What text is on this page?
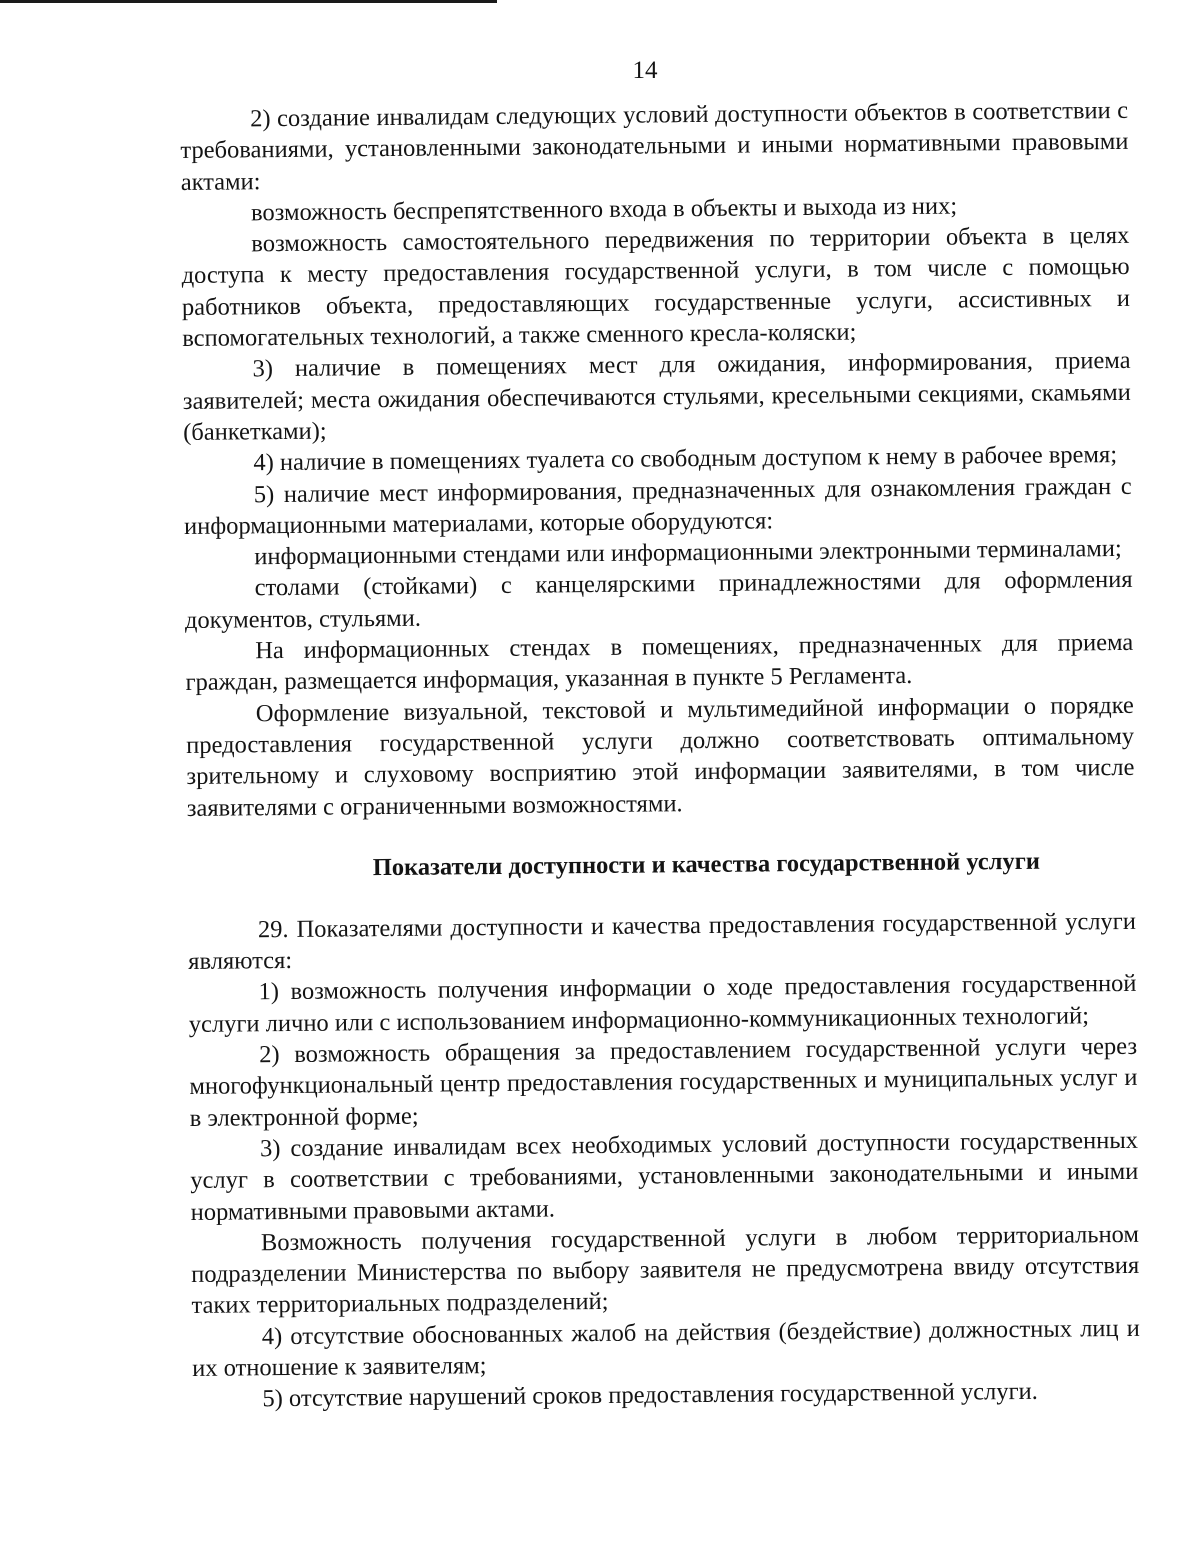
14

2) создание инвалидам следующих условий доступности объектов в соответствии с требованиями, установленными законодательными и иными нормативными правовыми актами:

возможность беспрепятственного входа в объекты и выхода из них;

возможность самостоятельного передвижения по территории объекта в целях доступа к месту предоставления государственной услуги, в том числе с помощью работников объекта, предоставляющих государственные услуги, ассистивных и вспомогательных технологий, а также сменного кресла-коляски;

3) наличие в помещениях мест для ожидания, информирования, приема заявителей; места ожидания обеспечиваются стульями, кресельными секциями, скамьями (банкетками);

4) наличие в помещениях туалета со свободным доступом к нему в рабочее время;

5) наличие мест информирования, предназначенных для ознакомления граждан с информационными материалами, которые оборудуются:

информационными стендами или информационными электронными терминалами;

столами (стойками) с канцелярскими принадлежностями для оформления документов, стульями.

На информационных стендах в помещениях, предназначенных для приема граждан, размещается информация, указанная в пункте 5 Регламента.

Оформление визуальной, текстовой и мультимедийной информации о порядке предоставления государственной услуги должно соответствовать оптимальному зрительному и слуховому восприятию этой информации заявителями, в том числе заявителями с ограниченными возможностями.

Показатели доступности и качества государственной услуги

29. Показателями доступности и качества предоставления государственной услуги являются:

1) возможность получения информации о ходе предоставления государственной услуги лично или с использованием информационно-коммуникационных технологий;

2) возможность обращения за предоставлением государственной услуги через многофункциональный центр предоставления государственных и муниципальных услуг и в электронной форме;

3) создание инвалидам всех необходимых условий доступности государственных услуг в соответствии с требованиями, установленными законодательными и иными нормативными правовыми актами.

Возможность получения государственной услуги в любом территориальном подразделении Министерства по выбору заявителя не предусмотрена ввиду отсутствия таких территориальных подразделений;

4) отсутствие обоснованных жалоб на действия (бездействие) должностных лиц и их отношение к заявителям;

5) отсутствие нарушений сроков предоставления государственной услуги.
